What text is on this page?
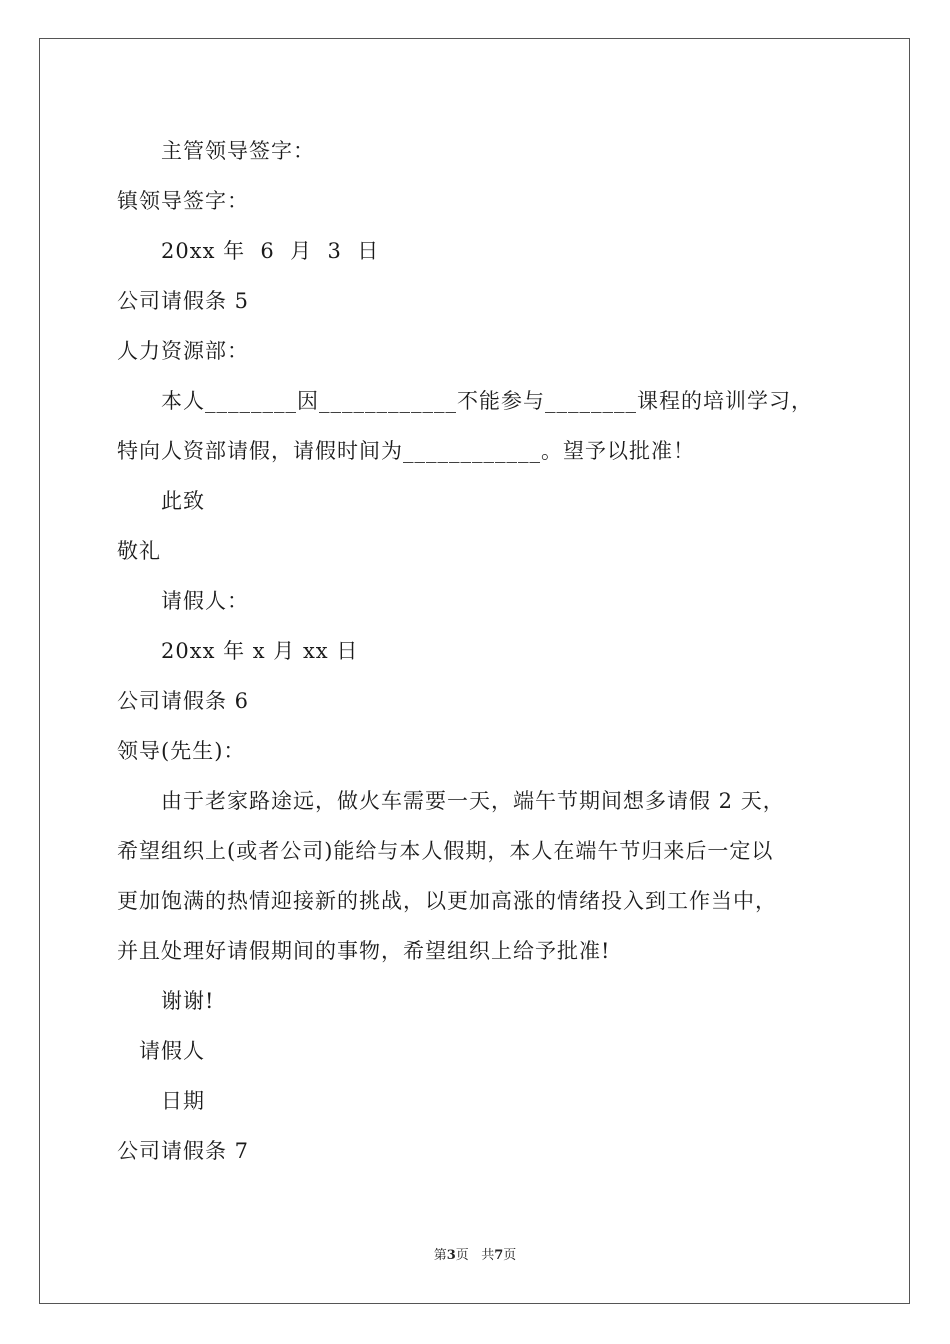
　　主管领导签字：
镇领导签字：
　　20xx 年  6  月  3  日
公司请假条 5
人力资源部：
　　本人________因____________不能参与________课程的培训学习，
特向人资部请假，请假时间为____________。望予以批准！
　　此致
敬礼
　　请假人：
　　20xx 年 x 月 xx 日
公司请假条 6
领导(先生)：
　　由于老家路途远，做火车需要一天，端午节期间想多请假 2 天，
希望组织上(或者公司)能给与本人假期，本人在端午节归来后一定以
更加饱满的热情迎接新的挑战，以更加高涨的情绪投入到工作当中，
并且处理好请假期间的事物，希望组织上给予批准!
　　谢谢!
　请假人
　　日期
公司请假条 7
第3页 共7页
